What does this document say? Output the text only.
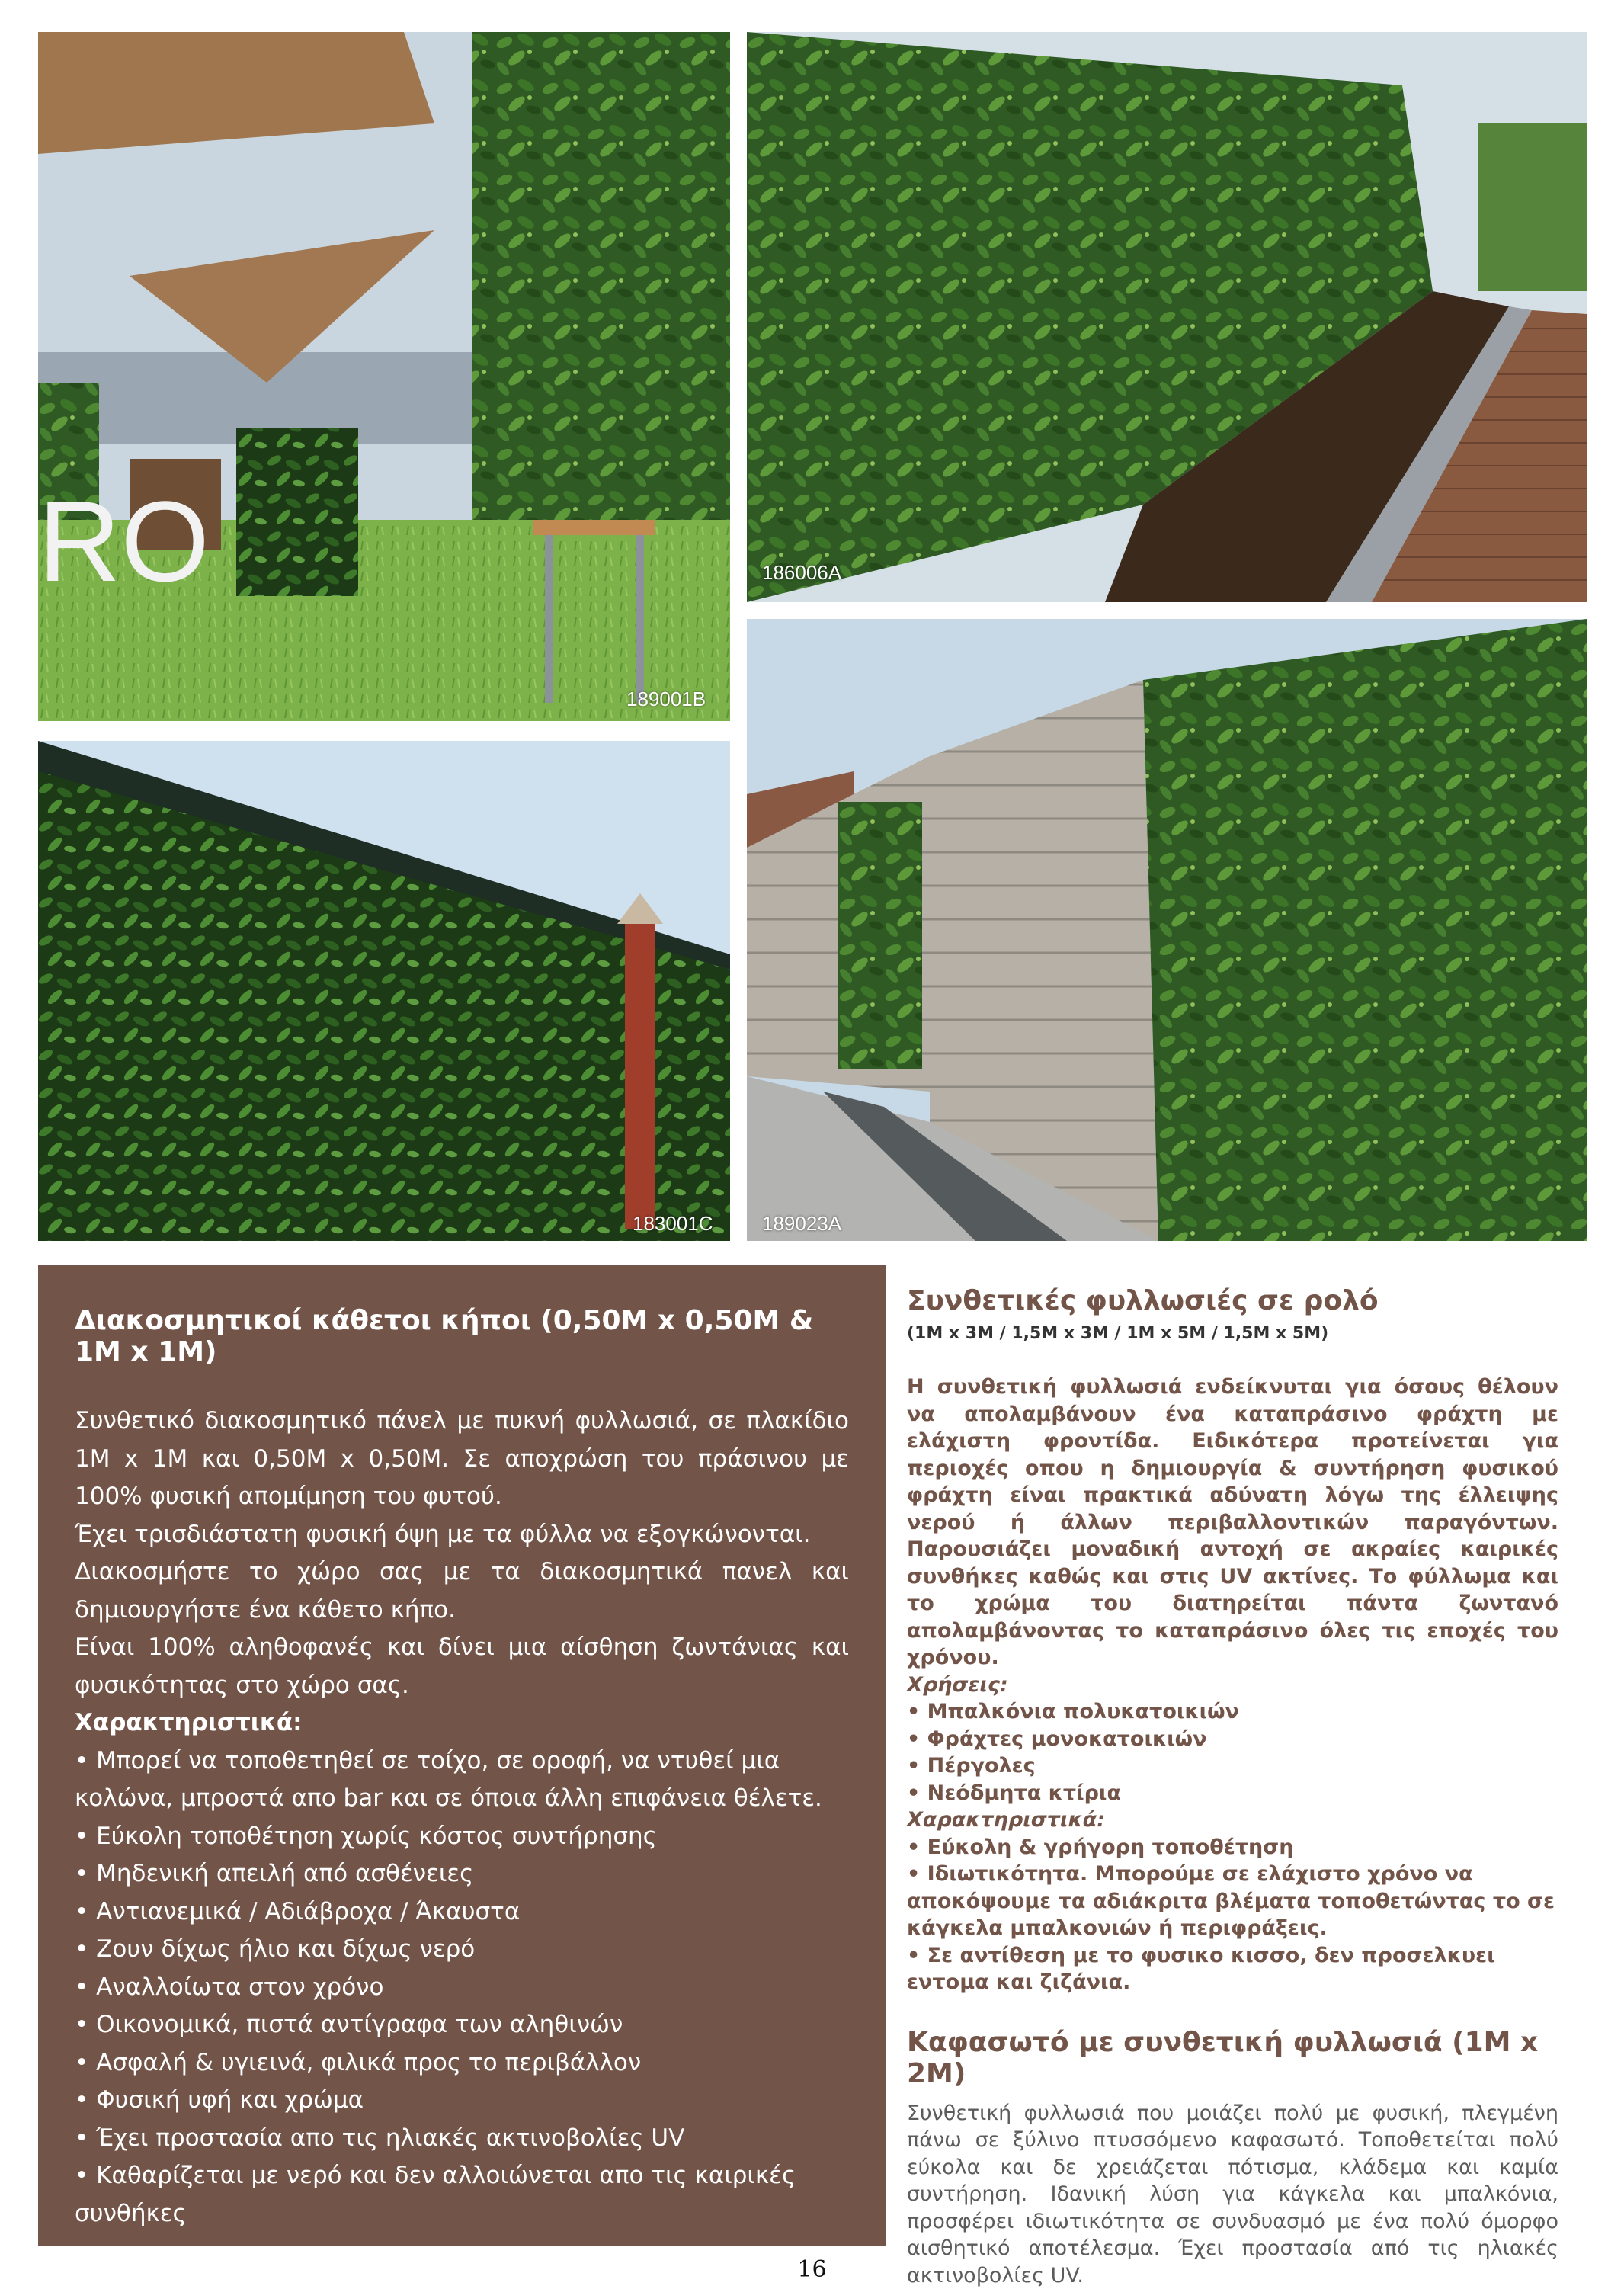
RO
189001B
186006A
183001C 189023A
Διακοσμητικοί κάθετοι κήποι (0,50Μ x 0,50Μ & 1Μ x 1Μ)

Συνθετικό διακοσμητικό πάνελ με πυκνή φυλλωσιά, σε πλακίδιο 1Μ x 1Μ και 0,50Μ x 0,50Μ. Σε αποχρώση του πράσινου με 100% φυσική απομίμηση του φυτού.

Έχει τρισδιάστατη φυσική όψη με τα φύλλα να εξογκώνονται.

Διακοσμήστε το χώρο σας με τα διακοσμητικά πανελ και δημιουργήστε ένα κάθετο κήπο.

Είναι 100% αληθοφανές και δίνει μια αίσθηση ζωντάνιας και φυσικότητας στο χώρο σας.

Χαρακτηριστικά:

• Μπορεί να τοποθετηθεί σε τοίχο, σε οροφή, να ντυθεί μια κολώνα, μπροστά απο bar και σε όποια άλλη επιφάνεια θέλετε.
• Εύκολη τοποθέτηση χωρίς κόστος συντήρησης
• Μηδενική απειλή από ασθένειες
• Αντιανεμικά / Αδιάβροχα / Άκαυστα
• Ζουν δίχως ήλιο και δίχως νερό
• Αναλλοίωτα στον χρόνο
• Οικονομικά, πιστά αντίγραφα των αληθινών
• Ασφαλή & υγιεινά, φιλικά προς το περιβάλλον
• Φυσική υφή και χρώμα
• Έχει προστασία απο τις ηλιακές ακτινοβολίες UV
• Καθαρίζεται με νερό και δεν αλλοιώνεται απο τις καιρικές συνθήκες
Συνθετικές φυλλωσιές σε ρολό
(1Μ x 3Μ / 1,5Μ x 3Μ / 1Μ x 5Μ / 1,5Μ x 5Μ)

Η συνθετική φυλλωσιά ενδείκνυται για όσους θέλουν να απολαμβάνουν ένα καταπράσινο φράχτη με ελάχιστη φροντίδα. Ειδικότερα προτείνεται για περιοχές οπου η δημιουργία & συντήρηση φυσικού φράχτη είναι πρακτικά αδύνατη λόγω της έλλειψης νερού ή άλλων περιβαλλοντικών παραγόντων. Παρουσιάζει μοναδική αντοχή σε ακραίες καιρικές συνθήκες καθώς και στις UV ακτίνες. Το φύλλωμα και το χρώμα του διατηρείται πάντα ζωντανό απολαμβάνοντας το καταπράσινο όλες τις εποχές του χρόνου.

Χρήσεις:

• Μπαλκόνια πολυκατοικιών
• Φράχτες μονοκατοικιών
• Πέργολες
• Νεόδμητα κτίρια

Χαρακτηριστικά:

• Εύκολη & γρήγορη τοποθέτηση
• Ιδιωτικότητα. Μπορούμε σε ελάχιστο χρόνο να αποκόψουμε τα αδιάκριτα βλέματα τοποθετώντας το σε κάγκελα μπαλκονιών ή περιφράξεις.
• Σε αντίθεση με το φυσικο κισσο, δεν προσελκυει εντομα και ζιζάνια.
Καφασωτό με συνθετική φυλλωσιά (1Μ x 2Μ)

Συνθετική φυλλωσιά που μοιάζει πολύ με φυσική, πλεγμένη πάνω σε ξύλινο πτυσσόμενο καφασωτό. Τοποθετείται πολύ εύκολα και δε χρειάζεται πότισμα, κλάδεμα και καμία συντήρηση. Ιδανική λύση για κάγκελα και μπαλκόνια, προσφέρει ιδιωτικότητα σε συνδυασμό με ένα πολύ όμορφο αισθητικό αποτέλεσμα. Έχει προστασία από τις ηλιακές ακτινοβολίες UV.

16
